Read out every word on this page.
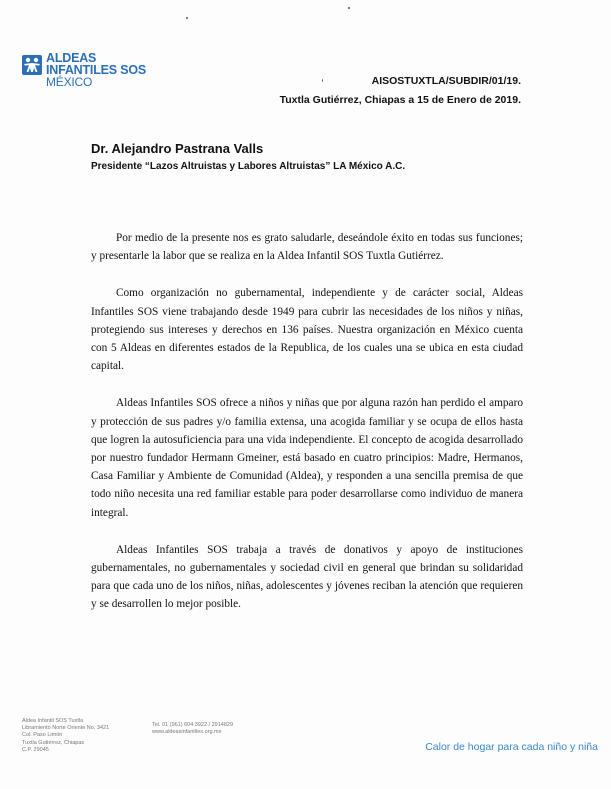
ALDEAS
INFANTILES SOS
MÉXICO	AISOSTUXTLA/SUBDIR/01/19.
Tuxtla Gutiérrez, Chiapas a 15 de Enero de 2019.
Dr. Alejandro Pastrana Valls
Presidente “Lazos Altruistas y Labores Altruistas” LA México A.C.

Por medio de la presente nos es grato saludarle, deseándole éxito en todas sus funciones; y presentarle la labor que se realiza en la Aldea Infantil SOS Tuxtla Gutiérrez.

Como organización no gubernamental, independiente y de carácter social, Aldeas Infantiles SOS viene trabajando desde 1949 para cubrir las necesidades de los niños y niñas, protegiendo sus intereses y derechos en 136 países. Nuestra organización en México cuenta con 5 Aldeas en diferentes estados de la Republica, de los cuales una se ubica en esta ciudad capital.

Aldeas Infantiles SOS ofrece a niños y niñas que por alguna razón han perdido el amparo y protección de sus padres y/o familia extensa, una acogida familiar y se ocupa de ellos hasta que logren la autosuficiencia para una vida independiente. El concepto de acogida desarrollado por nuestro fundador Hermann Gmeiner, está basado en cuatro principios: Madre, Hermanos, Casa Familiar y Ambiente de Comunidad (Aldea), y responden a una sencilla premisa de que todo niño necesita una red familiar estable para poder desarrollarse como individuo de manera integral.

Aldeas Infantiles SOS trabaja a través de donativos y apoyo de instituciones gubernamentales, no gubernamentales y sociedad civil en general que brindan su solidaridad para que cada uno de los niños, niñas, adolescentes y jóvenes reciban la atención que requieren y se desarrollen lo mejor posible.

Aldea Infantil SOS Tuxtla
Libramiento Norte Oriente No. 3421
Col. Paso Limón
Tuxtla Gutiérrez, Chiapas
C.P. 29045
Tel. 01 (961) 604 3922 / 2914829
www.aldeasinfantiles.org.mx
Calor de hogar para cada niño y niña
